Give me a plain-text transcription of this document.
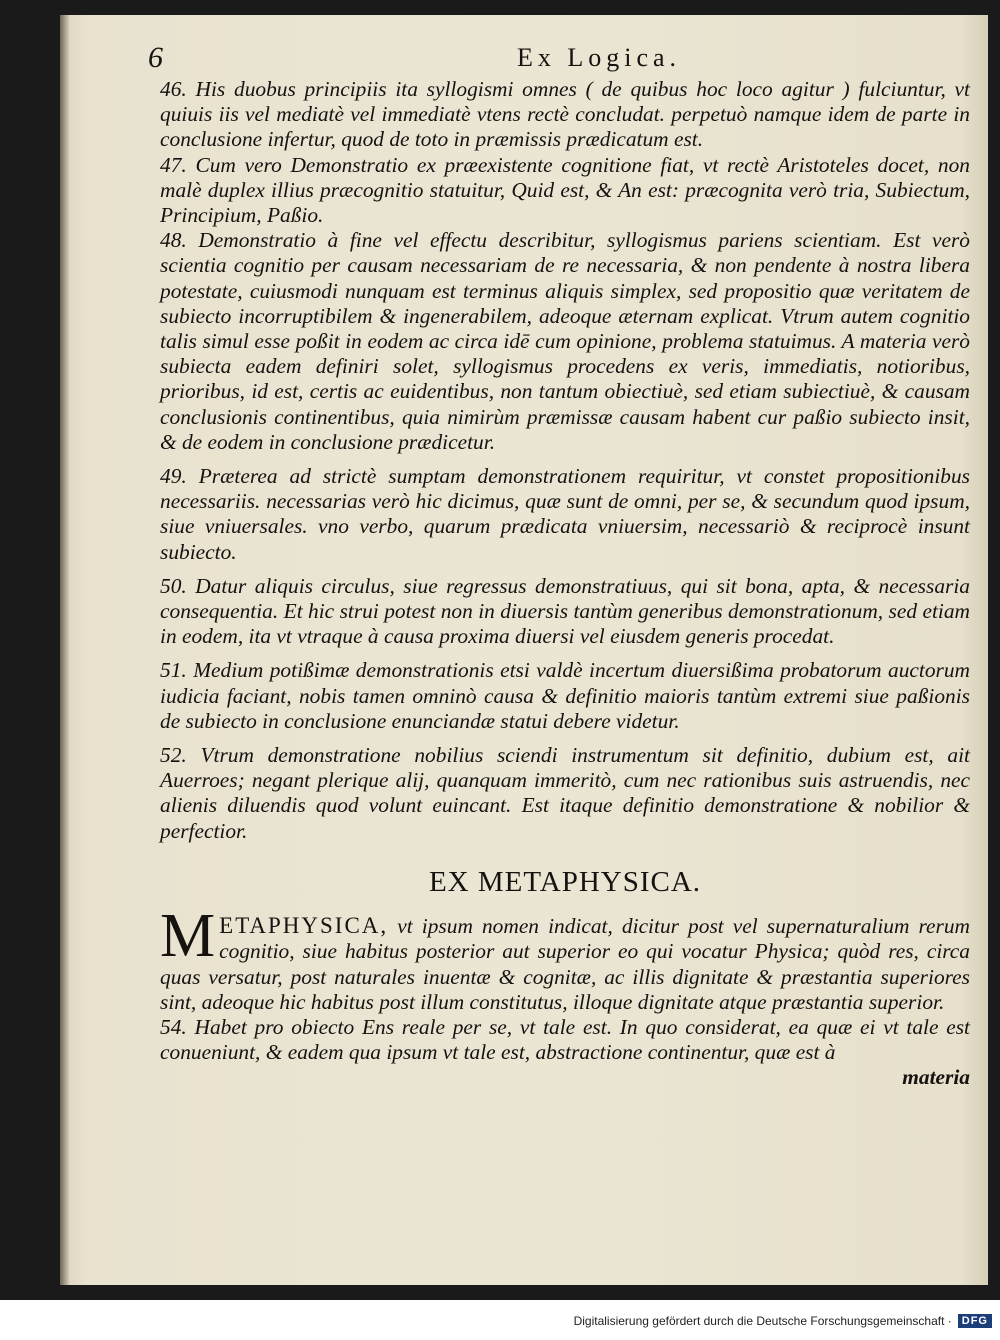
6	Ex Logica.

46. His duobus principiis ita syllogismi omnes ( de quibus hoc loco agitur ) fulciuntur, vt quiuis iis vel mediatè vel immediatè vtens rectè concludat. perpetuò namque idem de parte in conclusione infertur, quod de toto in præmissis prædicatum est.

47. Cum vero Demonstratio ex præexistente cognitione fiat, vt rectè Aristoteles docet, non malè duplex illius præcognitio statuitur, Quid est, & An est: præcognita verò tria, Subiectum, Principium, Paßio.

48. Demonstratio à fine vel effectu describitur, syllogismus pariens scientiam. Est verò scientia cognitio per causam necessariam de re necessaria, & non pendente à nostra libera potestate, cuiusmodi nunquam est terminus aliquis simplex, sed propositio quæ veritatem de subiecto incorruptibilem & ingenerabilem, adeoque æternam explicat. Vtrum autem cognitio talis simul esse poßit in eodem ac circa idē cum opinione, problema statuimus. A materia verò subiecta eadem definiri solet, syllogismus procedens ex veris, immediatis, notioribus, prioribus, id est, certis ac euidentibus, non tantum obiectiuè, sed etiam subiectiuè, & causam conclusionis continentibus, quia nimirùm præmissæ causam habent cur paßio subiecto insit, & de eodem in conclusione prædicetur.

49. Præterea ad strictè sumptam demonstrationem requiritur, vt constet propositionibus necessariis. necessarias verò hic dicimus, quæ sunt de omni, per se, & secundum quod ipsum, siue vniuersales. vno verbo, quarum prædicata vniuersim, necessariò & reciprocè insunt subiecto.

50. Datur aliquis circulus, siue regressus demonstratiuus, qui sit bona, apta, & necessaria consequentia. Et hic strui potest non in diuersis tantùm generibus demonstrationum, sed etiam in eodem, ita vt vtraque à causa proxima diuersi vel eiusdem generis procedat.

51. Medium potißimæ demonstrationis etsi valdè incertum diuersißima probatorum auctorum iudicia faciant, nobis tamen omninò causa & definitio maioris tantùm extremi siue paßionis de subiecto in conclusione enunciandæ statui debere videtur.

52. Vtrum demonstratione nobilius sciendi instrumentum sit definitio, dubium est, ait Auerroes; negant plerique alij, quanquam immeritò, cum nec rationibus suis astruendis, nec alienis diluendis quod volunt euincant. Est itaque definitio demonstratione & nobilior & perfectior.

EX METAPHYSICA.

METAPHYSICA, vt ipsum nomen indicat, dicitur post vel supernaturalium rerum cognitio, siue habitus posterior aut superior eo qui vocatur Physica; quòd res, circa quas versatur, post naturales inuentæ & cognitæ, ac illis dignitate & præstantia superiores sint, adeoque hic habitus post illum constitutus, illoque dignitate atque præstantia superior.

54. Habet pro obiecto Ens reale per se, vt tale est. In quo considerat, ea quæ ei vt tale est conueniunt, & eadem qua ipsum vt tale est, abstractione continentur, quæ est à

materia
Digitalisierung gefördert durch die Deutsche Forschungsgemeinschaft · DFG
